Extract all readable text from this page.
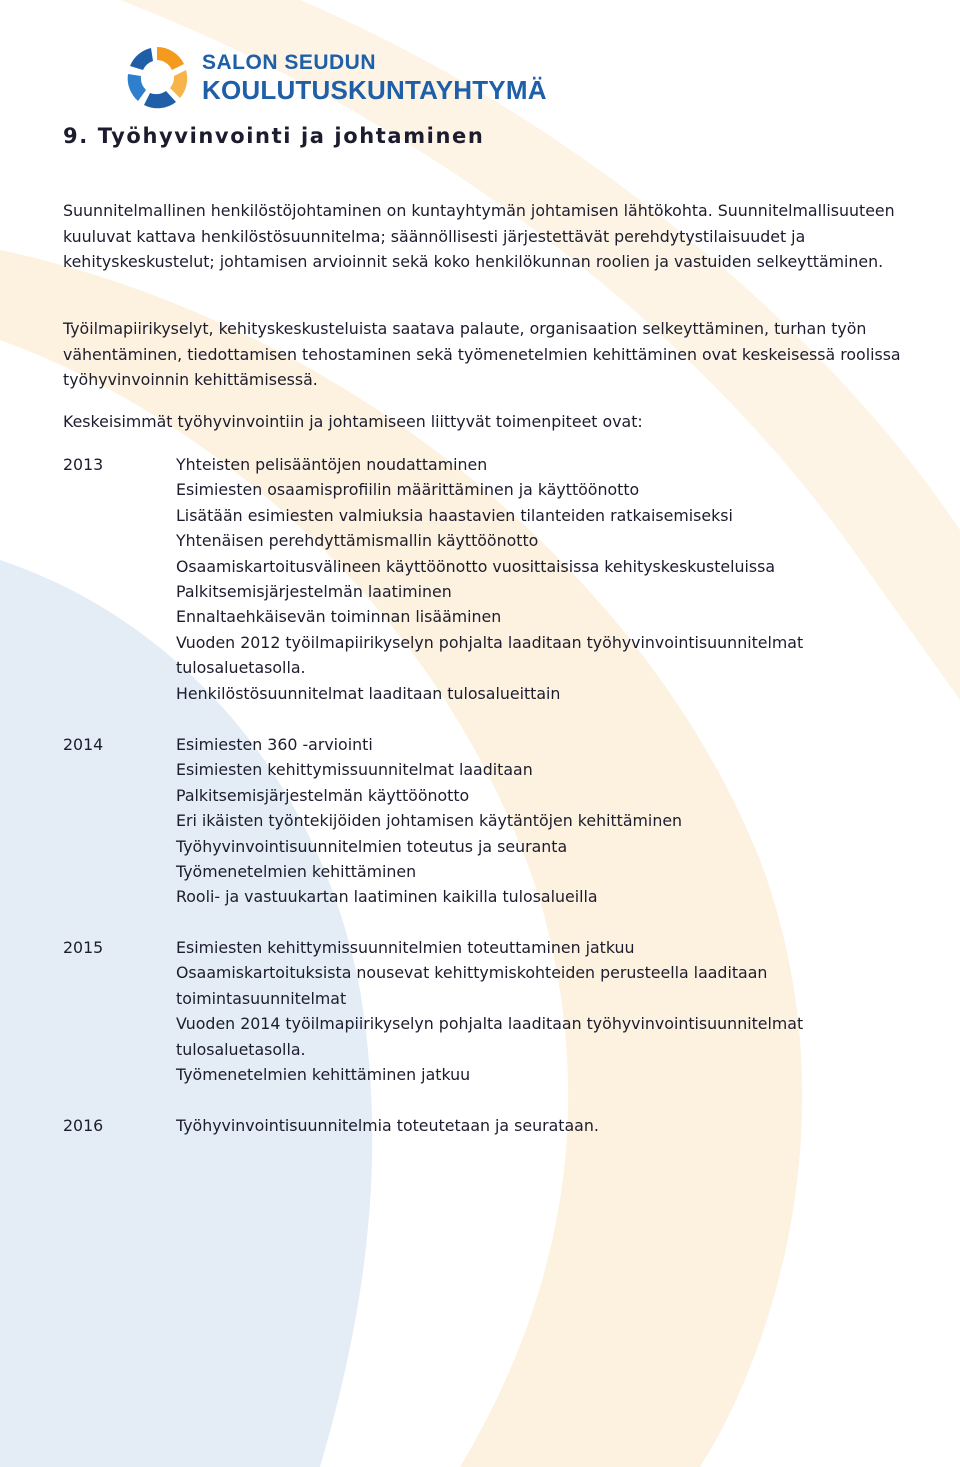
SALON SEUDUN
KOULUTUSKUNTAYHTYMÄ
9. Työhyvinvointi ja johtaminen

Suunnitelmallinen henkilöstöjohtaminen on kuntayhtymän johtamisen lähtökohta. Suunnitelmallisuuteen kuuluvat kattava henkilöstösuunnitelma; säännöllisesti järjestettävät perehdytystilaisuudet ja kehityskeskustelut; johtamisen arvioinnit sekä koko henkilökunnan roolien ja vastuiden selkeyttäminen.

Työilmapiirikyselyt, kehityskeskusteluista saatava palaute, organisaation selkeyttäminen, turhan työn vähentäminen, tiedottamisen tehostaminen sekä työmenetelmien kehittäminen ovat keskeisessä roolissa työhyvinvoinnin kehittämisessä.

Keskeisimmät työhyvinvointiin ja johtamiseen liittyvät toimenpiteet ovat:

2013	Yhteisten pelisääntöjen noudattaminen
Esimiesten osaamisprofiilin määrittäminen ja käyttöönotto
Lisätään esimiesten valmiuksia haastavien tilanteiden ratkaisemiseksi
Yhtenäisen perehdyttämismallin käyttöönotto
Osaamiskartoitusvälineen käyttöönotto vuosittaisissa kehityskeskusteluissa
Palkitsemisjärjestelmän laatiminen
Ennaltaehkäisevän toiminnan lisääminen
Vuoden 2012 työilmapiirikyselyn pohjalta laaditaan työhyvinvointisuunnitelmat tulosaluetasolla.
Henkilöstösuunnitelmat laaditaan tulosalueittain
2014	Esimiesten 360 -arviointi
Esimiesten kehittymissuunnitelmat laaditaan
Palkitsemisjärjestelmän käyttöönotto
Eri ikäisten työntekijöiden johtamisen käytäntöjen kehittäminen
Työhyvinvointisuunnitelmien toteutus ja seuranta
Työmenetelmien kehittäminen
Rooli- ja vastuukartan laatiminen kaikilla tulosalueilla
2015	Esimiesten kehittymissuunnitelmien toteuttaminen jatkuu
Osaamiskartoituksista nousevat kehittymiskohteiden perusteella laaditaan toimintasuunnitelmat
Vuoden 2014 työilmapiirikyselyn pohjalta laaditaan työhyvinvointisuunnitelmat tulosaluetasolla.
Työmenetelmien kehittäminen jatkuu
2016	Työhyvinvointisuunnitelmia toteutetaan ja seurataan.
